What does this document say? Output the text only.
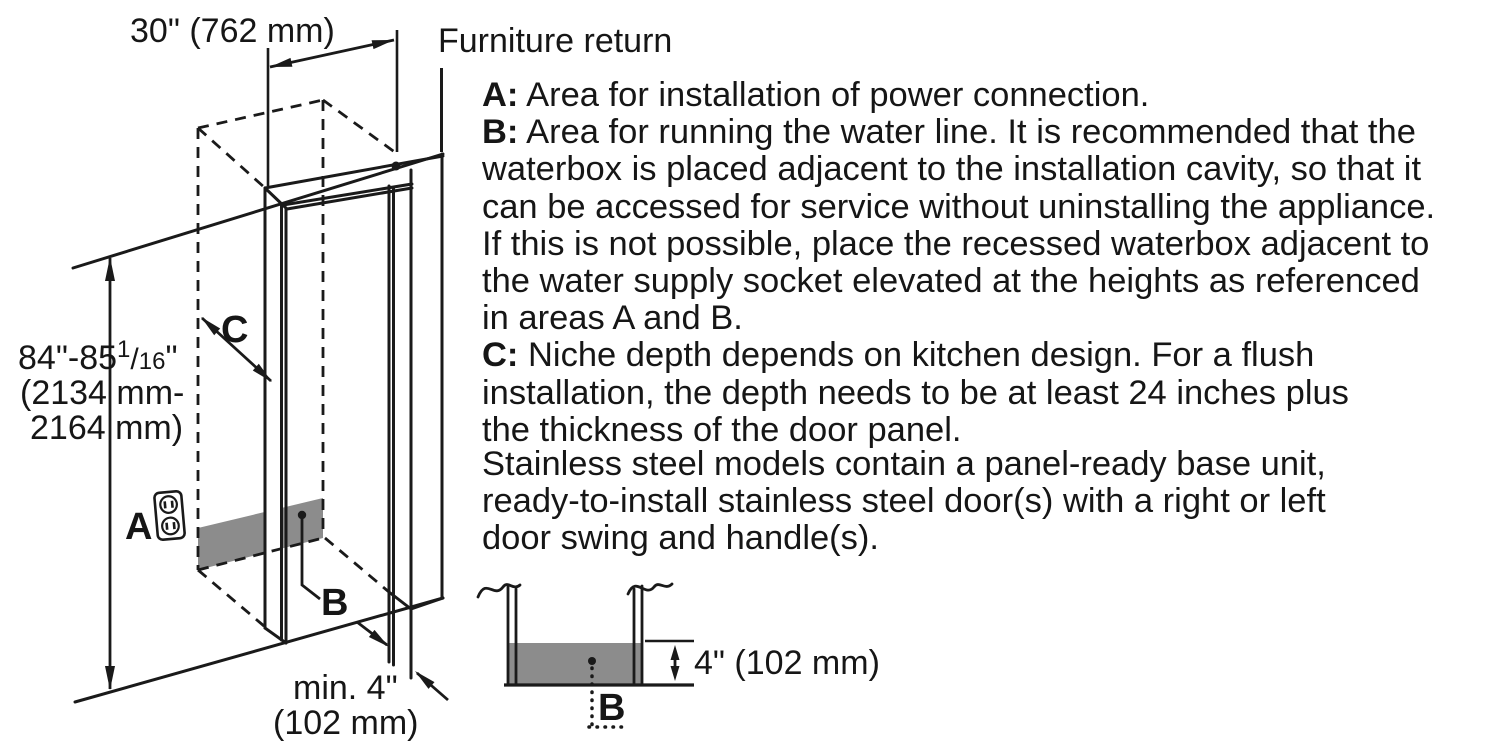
Furniture return
30" (762 mm)
$84"-85^1/16$"
(2134 mm-
2164 mm)
C
A
B
min. 4"
(102 mm)
4" (102 mm)
B
A: Area for installation of power connection.
B: Area for running the water line. It is recommended that the
waterbox is placed adjacent to the installation cavity, so that it
can be accessed for service without uninstalling the appliance.
If this is not possible, place the recessed waterbox adjacent to
the water supply socket elevated at the heights as referenced
in areas A and B.
C: Niche depth depends on kitchen design. For a flush
installation, the depth needs to be at least 24 inches plus
the thickness of the door panel.
Stainless steel models contain a panel-ready base unit,
ready-to-install stainless steel door(s) with a right or left
door swing and handle(s).
